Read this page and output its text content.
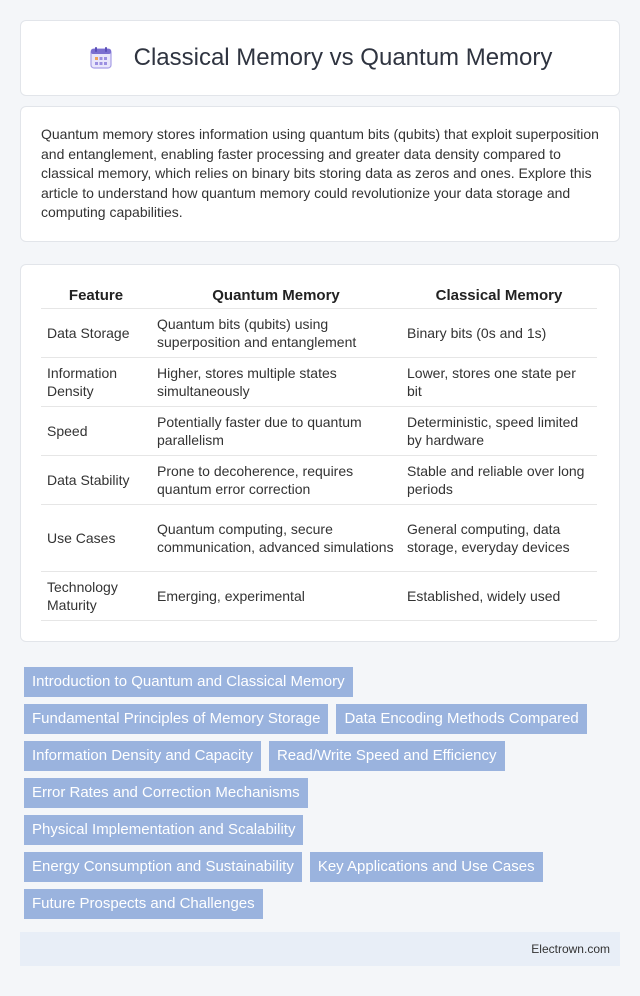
Classical Memory vs Quantum Memory

Quantum memory stores information using quantum bits (qubits) that exploit superposition and entanglement, enabling faster processing and greater data density compared to classical memory, which relies on binary bits storing data as zeros and ones. Explore this article to understand how quantum memory could revolutionize your data storage and computing capabilities.

Feature	Quantum Memory	Classical Memory
Data Storage	Quantum bits (qubits) using superposition and entanglement	Binary bits (0s and 1s)
Information Density	Higher, stores multiple states simultaneously	Lower, stores one state per bit
Speed	Potentially faster due to quantum parallelism	Deterministic, speed limited by hardware
Data Stability	Prone to decoherence, requires quantum error correction	Stable and reliable over long periods
Use Cases	Quantum computing, secure communication, advanced simulations	General computing, data storage, everyday devices
Technology Maturity	Emerging, experimental	Established, widely used
Introduction to Quantum and Classical Memory
Fundamental Principles of Memory Storage	Data Encoding Methods Compared
Information Density and Capacity	Read/Write Speed and Efficiency
Error Rates and Correction Mechanisms
Physical Implementation and Scalability
Energy Consumption and Sustainability	Key Applications and Use Cases
Future Prospects and Challenges
Electrown.com
